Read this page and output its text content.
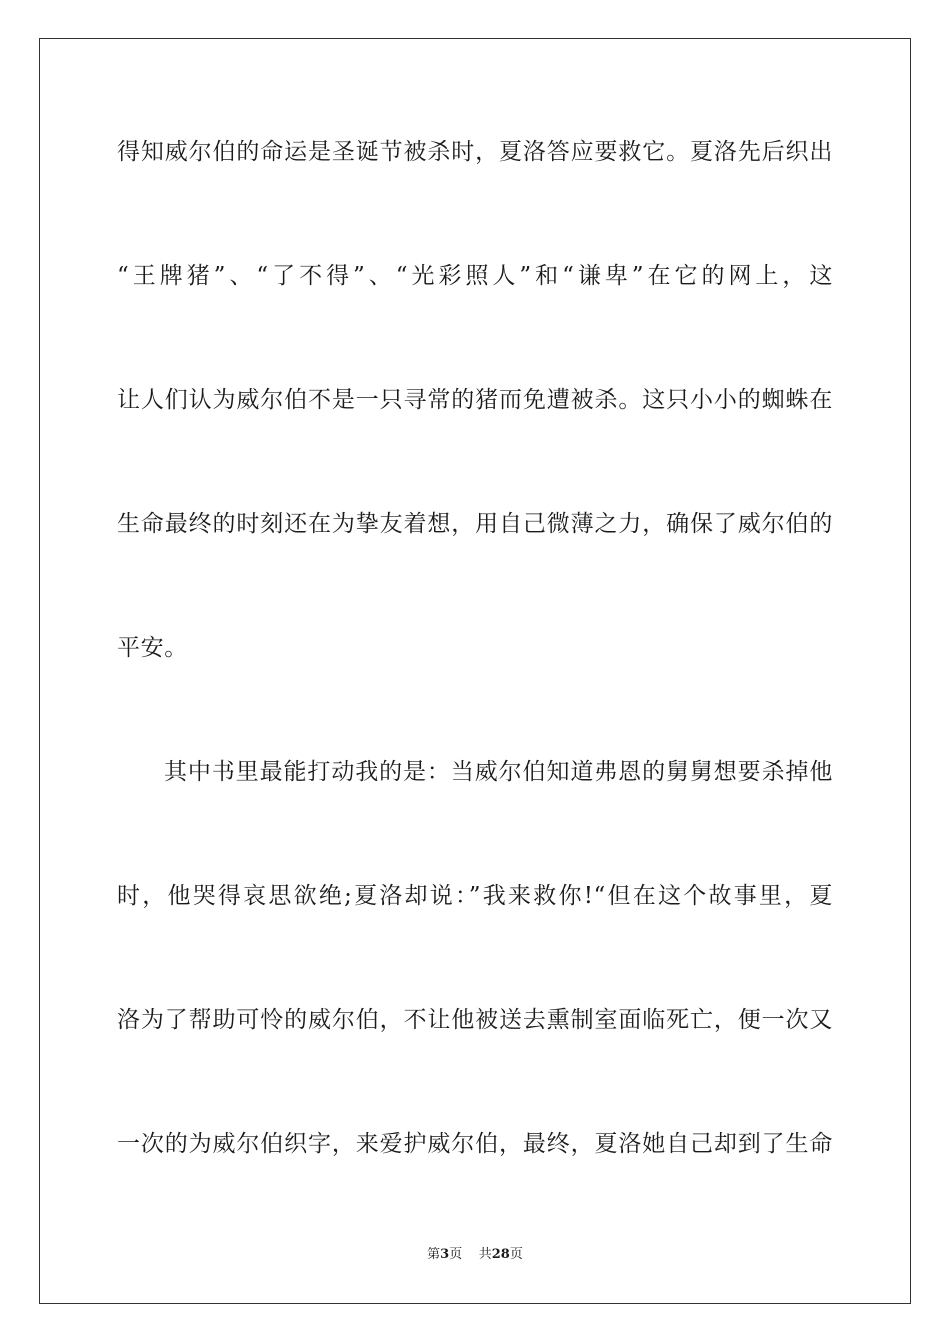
得知威尔伯的命运是圣诞节被杀时，夏洛答应要救它。夏洛先后织出
“王牌猪”、“了不得”、“光彩照人”和“谦卑”在它的网上，这
让人们认为威尔伯不是一只寻常的猪而免遭被杀。这只小小的蜘蛛在
生命最终的时刻还在为挚友着想，用自己微薄之力，确保了威尔伯的
平安。
其中书里最能打动我的是：当威尔伯知道弗恩的舅舅想要杀掉他
时，他哭得哀思欲绝;夏洛却说：”我来救你!“但在这个故事里，夏
洛为了帮助可怜的威尔伯，不让他被送去熏制室面临死亡，便一次又
一次的为威尔伯织字，来爱护威尔伯，最终，夏洛她自己却到了生命
第3页 共28页
